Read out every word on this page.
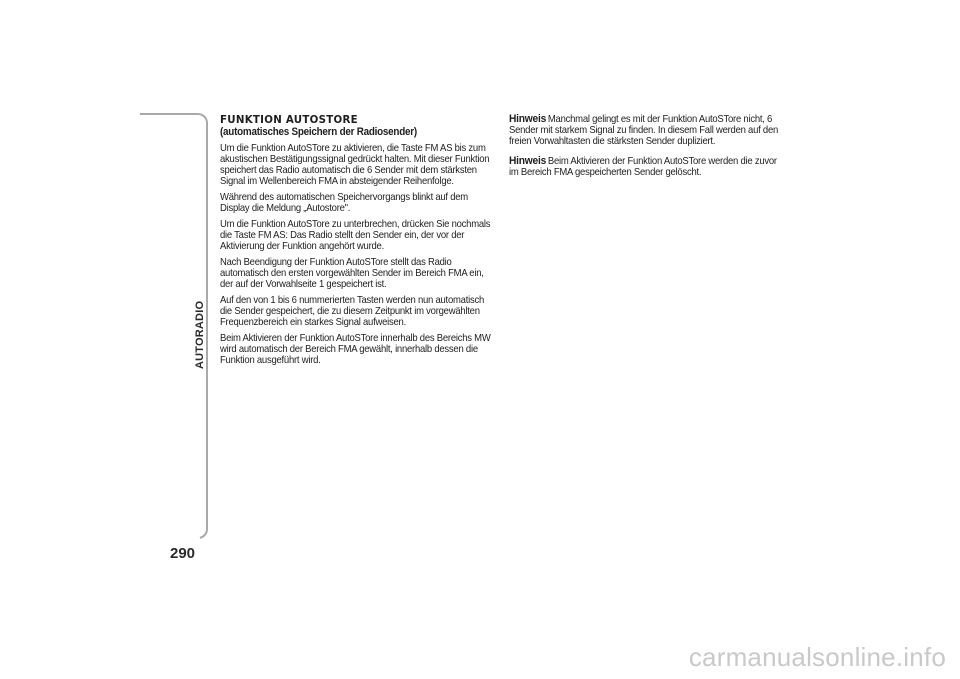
AUTORADIO
290
FUNKTION AUTOSTORE
(automatisches Speichern der Radiosender)

Um die Funktion AutoSTore zu aktivieren, die Taste FM AS bis zum akustischen Bestätigungssignal gedrückt halten. Mit dieser Funktion speichert das Radio automatisch die 6 Sender mit dem stärksten Signal im Wellenbereich FMA in absteigender Reihenfolge.

Während des automatischen Speichervorgangs blinkt auf dem Display die Meldung „Autostore".

Um die Funktion AutoSTore zu unterbrechen, drücken Sie nochmals die Taste FM AS: Das Radio stellt den Sender ein, der vor der Aktivierung der Funktion angehört wurde.

Nach Beendigung der Funktion AutoSTore stellt das Radio automatisch den ersten vorgewählten Sender im Bereich FMA ein, der auf der Vorwahlseite 1 gespeichert ist.

Auf den von 1 bis 6 nummerierten Tasten werden nun automatisch die Sender gespeichert, die zu diesem Zeitpunkt im vorgewählten Frequenzbereich ein starkes Signal aufweisen.

Beim Aktivieren der Funktion AutoSTore innerhalb des Bereichs MW wird automatisch der Bereich FMA gewählt, innerhalb dessen die Funktion ausgeführt wird.

Hinweis Manchmal gelingt es mit der Funktion AutoSTore nicht, 6 Sender mit starkem Signal zu finden. In diesem Fall werden auf den freien Vorwahltasten die stärksten Sender dupliziert.

Hinweis Beim Aktivieren der Funktion AutoSTore werden die zuvor im Bereich FMA gespeicherten Sender gelöscht.

carmanualsonline.info
